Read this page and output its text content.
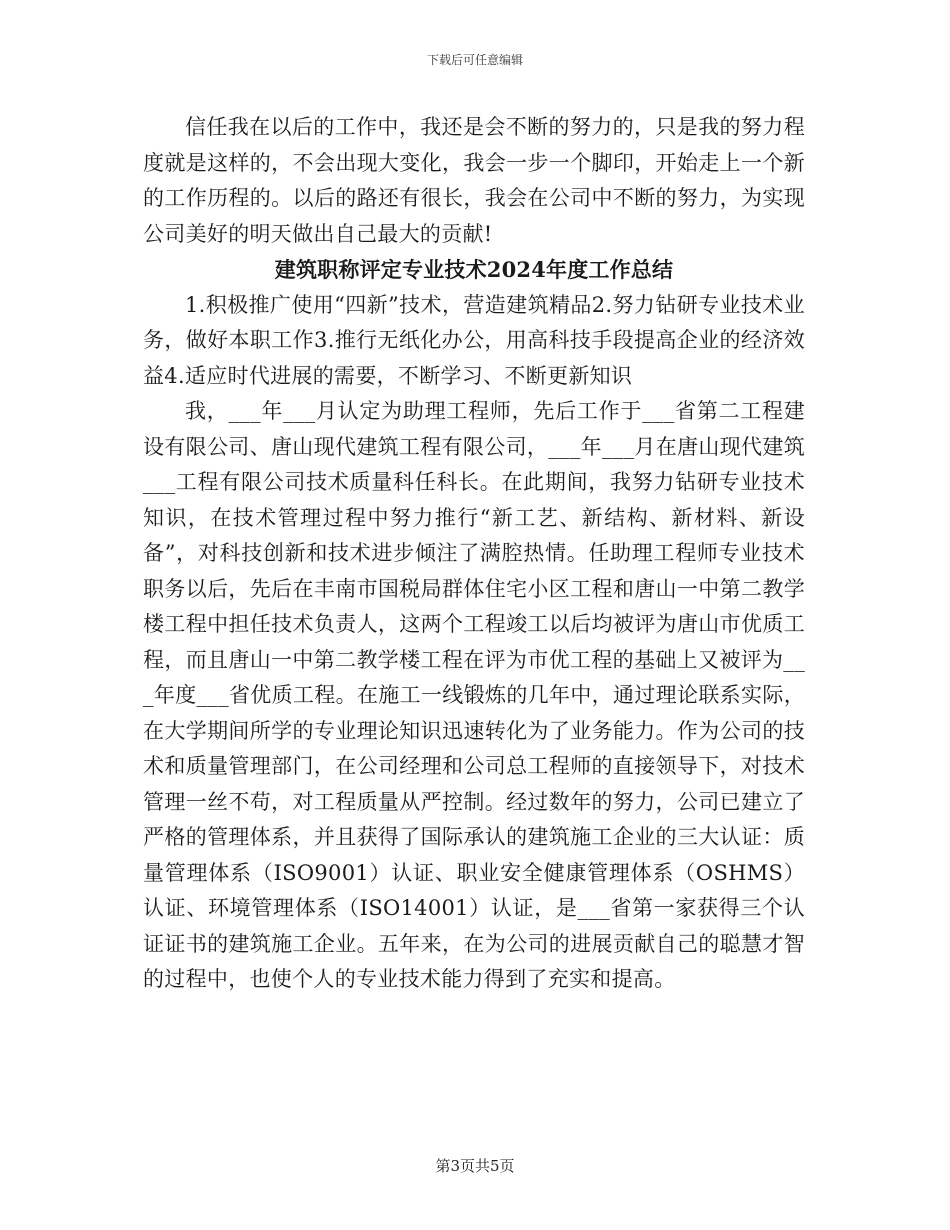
下载后可任意编辑

信任我在以后的工作中，我还是会不断的努力的，只是我的努力程度就是这样的，不会出现大变化，我会一步一个脚印，开始走上一个新的工作历程的。以后的路还有很长，我会在公司中不断的努力，为实现公司美好的明天做出自己最大的贡献!

建筑职称评定专业技术2024年度工作总结

1.积极推广使用“四新”技术，营造建筑精品2.努力钻研专业技术业务，做好本职工作3.推行无纸化办公，用高科技手段提高企业的经济效益4.适应时代进展的需要，不断学习、不断更新知识

我，___年___月认定为助理工程师，先后工作于___省第二工程建设有限公司、唐山现代建筑工程有限公司，___年___月在唐山现代建筑___工程有限公司技术质量科任科长。在此期间，我努力钻研专业技术知识，在技术管理过程中努力推行“新工艺、新结构、新材料、新设备”，对科技创新和技术进步倾注了满腔热情。任助理工程师专业技术职务以后，先后在丰南市国税局群体住宅小区工程和唐山一中第二教学楼工程中担任技术负责人，这两个工程竣工以后均被评为唐山市优质工程，而且唐山一中第二教学楼工程在评为市优工程的基础上又被评为___年度___省优质工程。在施工一线锻炼的几年中，通过理论联系实际，在大学期间所学的专业理论知识迅速转化为了业务能力。作为公司的技术和质量管理部门，在公司经理和公司总工程师的直接领导下，对技术管理一丝不苟，对工程质量从严控制。经过数年的努力，公司已建立了严格的管理体系，并且获得了国际承认的建筑施工企业的三大认证：质量管理体系（ISO9001）认证、职业安全健康管理体系（OSHMS）认证、环境管理体系（ISO14001）认证，是___省第一家获得三个认证证书的建筑施工企业。五年来，在为公司的进展贡献自己的聪慧才智的过程中，也使个人的专业技术能力得到了充实和提高。

第3页共5页
